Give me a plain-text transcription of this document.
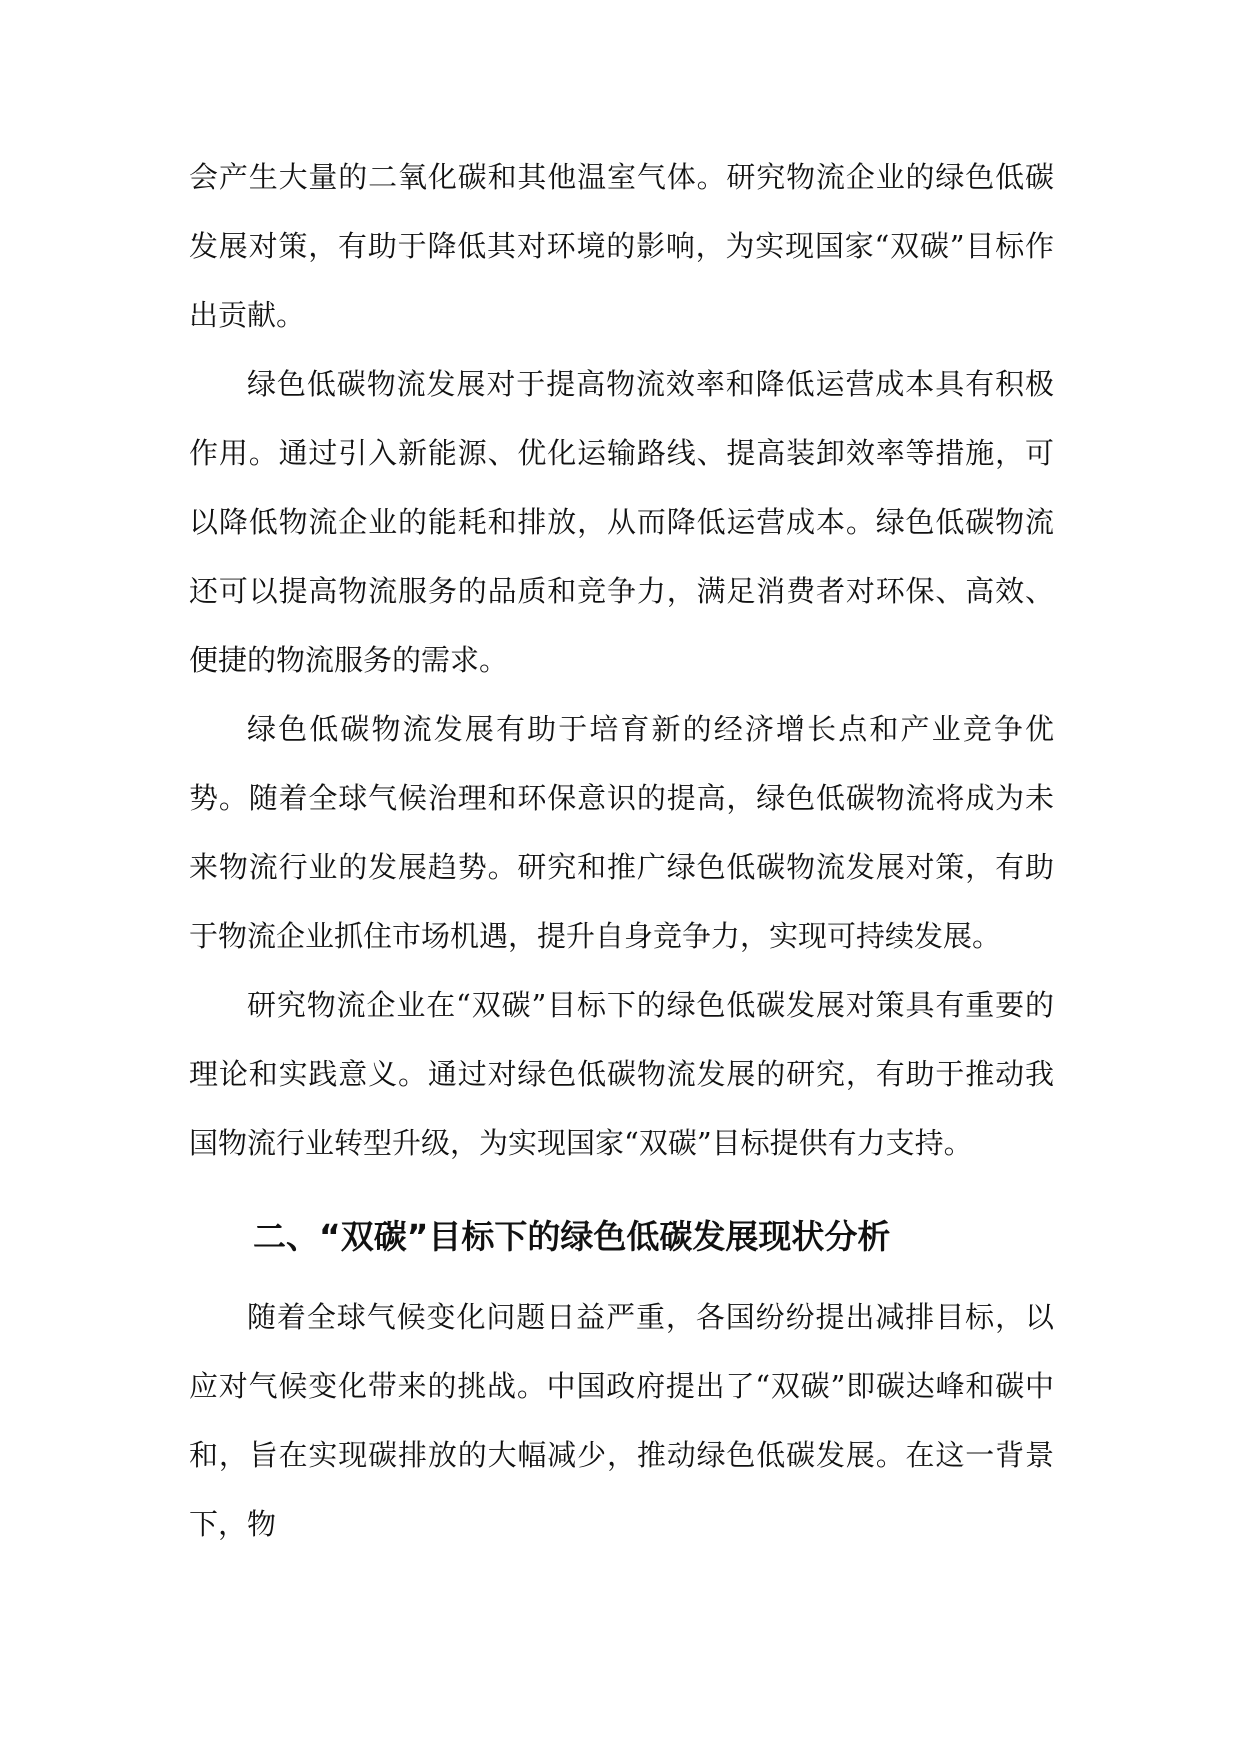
会产生大量的二氧化碳和其他温室气体。研究物流企业的绿色低碳发展对策，有助于降低其对环境的影响，为实现国家“双碳”目标作出贡献。

绿色低碳物流发展对于提高物流效率和降低运营成本具有积极作用。通过引入新能源、优化运输路线、提高装卸效率等措施，可以降低物流企业的能耗和排放，从而降低运营成本。绿色低碳物流还可以提高物流服务的品质和竞争力，满足消费者对环保、高效、便捷的物流服务的需求。

绿色低碳物流发展有助于培育新的经济增长点和产业竞争优势。随着全球气候治理和环保意识的提高，绿色低碳物流将成为未来物流行业的发展趋势。研究和推广绿色低碳物流发展对策，有助于物流企业抓住市场机遇，提升自身竞争力，实现可持续发展。

研究物流企业在“双碳”目标下的绿色低碳发展对策具有重要的理论和实践意义。通过对绿色低碳物流发展的研究，有助于推动我国物流行业转型升级，为实现国家“双碳”目标提供有力支持。

二、“双碳”目标下的绿色低碳发展现状分析

随着全球气候变化问题日益严重，各国纷纷提出减排目标，以应对气候变化带来的挑战。中国政府提出了“双碳”即碳达峰和碳中和，旨在实现碳排放的大幅减少，推动绿色低碳发展。在这一背景下，物
